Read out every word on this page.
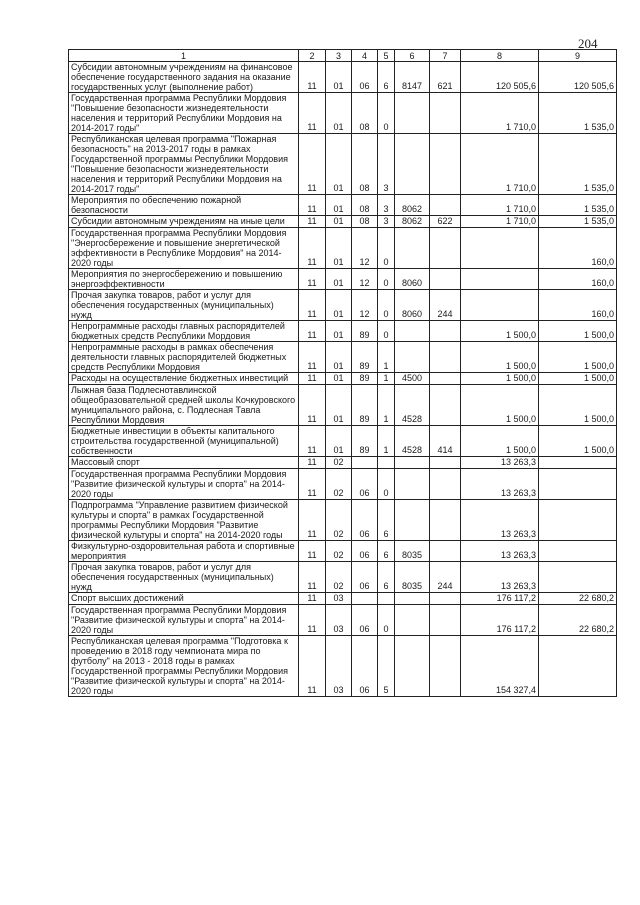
204
1	2	3	4	5	6	7	8	9
Субсидии автономным учреждениям на финансовое обеспечение государственного задания на оказание государственных услуг (выполнение работ)	11	01	06	6	8147	621	120 505,6	120 505,6
Государственная программа Республики Мордовия "Повышение безопасности жизнедеятельности населения и территорий Республики Мордовия на 2014-2017 годы"	11	01	08	0			1 710,0	1 535,0
Республиканская целевая программа "Пожарная безопасность" на 2013-2017 годы в рамках Государственной программы Республики Мордовия "Повышение безопасности жизнедеятельности населения и территорий Республики Мордовия на 2014-2017 годы"	11	01	08	3			1 710,0	1 535,0
Мероприятия по обеспечению пожарной безопасности	11	01	08	3	8062		1 710,0	1 535,0
Субсидии автономным учреждениям на иные цели	11	01	08	3	8062	622	1 710,0	1 535,0
Государственная программа Республики Мордовия "Энергосбережение и повышение энергетической эффективности в Республике Мордовия" на 2014-2020 годы	11	01	12	0				160,0
Мероприятия по энергосбережению и повышению энергоэффективности	11	01	12	0	8060			160,0
Прочая закупка товаров, работ и услуг для обеспечения государственных (муниципальных) нужд	11	01	12	0	8060	244		160,0
Непрограммные расходы главных распорядителей бюджетных средств Республики Мордовия	11	01	89	0			1 500,0	1 500,0
Непрограммные расходы в рамках обеспечения деятельности главных распорядителей бюджетных средств Республики Мордовия	11	01	89	1			1 500,0	1 500,0
Расходы на осуществление бюджетных инвестиций	11	01	89	1	4500		1 500,0	1 500,0
Лыжная база Подлеснотавлинской общеобразовательной средней школы Кочкуровского муниципального района, с. Подлесная Тавла Республики Мордовия	11	01	89	1	4528		1 500,0	1 500,0
Бюджетные инвестиции в объекты капитального строительства государственной (муниципальной) собственности	11	01	89	1	4528	414	1 500,0	1 500,0
Массовый спорт	11	02					13 263,3	
Государственная программа Республики Мордовия "Развитие физической культуры и спорта" на 2014-2020 годы	11	02	06	0			13 263,3	
Подпрограмма "Управление развитием физической культуры и спорта" в рамках Государственной программы Республики Мордовия "Развитие физической культуры и спорта" на 2014-2020 годы	11	02	06	6			13 263,3	
Физкультурно-оздоровительная работа и спортивные мероприятия	11	02	06	6	8035		13 263,3	
Прочая закупка товаров, работ и услуг для обеспечения государственных (муниципальных) нужд	11	02	06	6	8035	244	13 263,3	
Спорт высших достижений	11	03					176 117,2	22 680,2
Государственная программа Республики Мордовия "Развитие физической культуры и спорта" на 2014-2020 годы	11	03	06	0			176 117,2	22 680,2
Республиканская целевая программа "Подготовка к проведению в 2018 году чемпионата мира по футболу" на 2013 - 2018 годы в рамках Государственной программы Республики Мордовия "Развитие физической культуры и спорта" на 2014-2020 годы	11	03	06	5			154 327,4	
